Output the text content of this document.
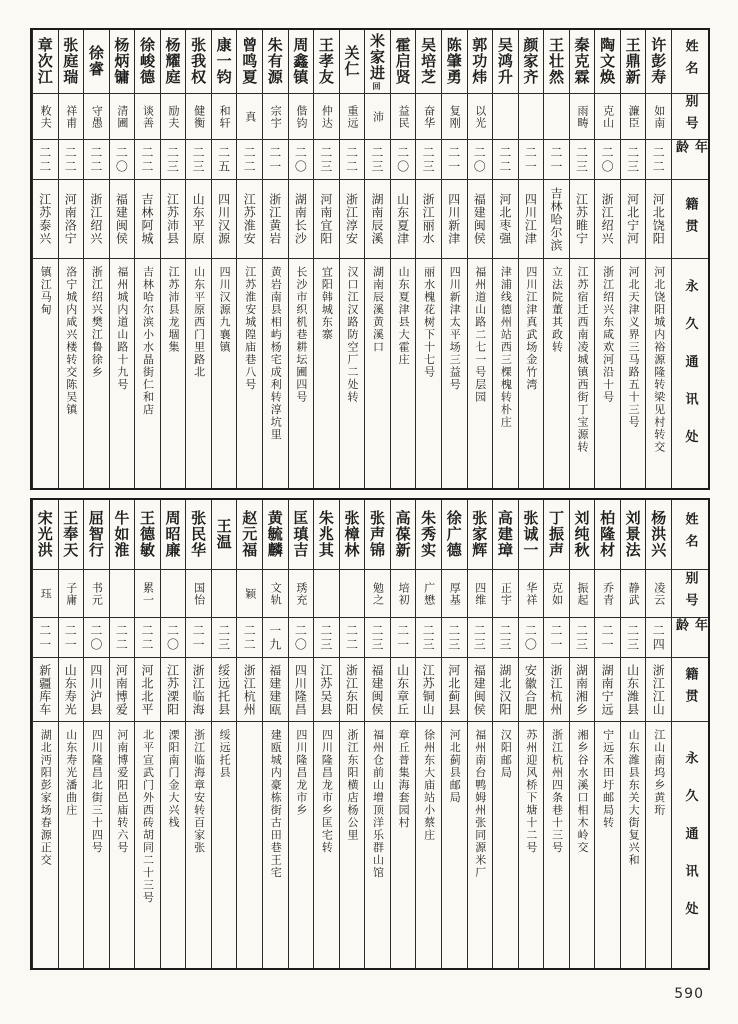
姓名
别号
年龄
籍贯
永久通讯处
许彭寿
如南
二二
河北饶阳
河北饶阳城内裕源隆转梁见村转交
王鼎新
濂臣
二三
河北宁河
河北天津义界三马路五十三号
陶文焕
克山
二〇
浙江绍兴
浙江绍兴东咸欢河沿十号
秦克霖
雨畴
二三
江苏睢宁
江苏宿迁西南凌城镇西街丁宝源转
王壮然
二一
吉林哈尔滨
立法院董其政转
颜家齐
二一
四川江津
四川江津真武场金竹湾
吴鸿升
二二
河北枣强
津浦线德州站西三棵槐转朴庄
郭功炜
以光
二〇
福建闽侯
福州道山路二七一号层园
陈肇勇
复刚
二一
四川新津
四川新津太平场三益号
吴培芝
奋华
二三
浙江丽水
丽水槐花树下十七号
霍启贤
益民
二〇
山东夏津
山东夏津县大霍庄
米家进
回
沛
二三
湖南辰溪
湖南辰溪黄溪口
关仁
重远
二二
浙江淳安
汉口江汉路防空厂二处转
王孝友
仲达
二三
河南宜阳
宜阳韩城东寨
周鑫镇
偕钧
二〇
湖南长沙
长沙市织机巷耕坛圃四号
朱有源
宗宇
二一
浙江黄岩
黄岩南县相屿杨宅成利转淳坑里
曾鸣夏
真
二二
江苏淮安
江苏淮安城隍庙巷八号
康一钧
和轩
二五
四川汉源
四川汉源九襄镇
张我权
健衡
二三
山东平原
山东平原西门里路北
杨耀庭
励夫
二三
江苏沛县
江苏沛县龙堌集
徐峻德
谈善
二二
吉林阿城
吉林哈尔滨小水晶街仁和店
杨炳镛
清圃
二〇
福建闽侯
福州城内道山路十九号
徐睿
守愚
二二
浙江绍兴
浙江绍兴樊江鲁徐乡
张庭瑞
祥甫
二二
河南洛宁
洛宁城内咸兴楼转交陈吴镇
章次江
敉夫
二二
江苏泰兴
镇江马甸
姓名
别号
年龄
籍贯
永久通讯处
杨洪兴
凌云
二四
浙江江山
江山南坞乡黄珩
刘景法
静武
二三
山东潍县
山东潍县东关大街复兴和
柏隆材
乔青
二一
湖南宁远
宁远禾田圩邮局转
刘纯秋
振起
二三
湖南湘乡
湘乡谷水溪口相木岭交
丁振声
克如
二一
浙江杭州
浙江杭州四条巷十三号
张诚一
华祥
二〇
安徽合肥
苏州迎风桥下塘十二号
高建璋
正宇
二三
湖北汉阳
汉阳邮局
张家辉
四维
二三
福建闽侯
福州南台鸭姆州张同源米厂
徐广德
厚基
二三
河北蓟县
河北蓟县邮局
朱秀实
广懋
二三
江苏铜山
徐州东大庙站小蔡庄
高葆新
培初
二一
山东章丘
章丘普集海套园村
张声锦
勉之
二三
福建闽侯
福州仓前山增顶洋乐群山馆
张樟林
二二
浙江东阳
浙江东阳横店杨公里
朱兆其
二三
江苏吴县
四川隆昌龙市乡匡宅转
匡瑱吉
琇充
二〇
四川隆昌
四川隆昌龙市乡
黄毓麟
文轨
一九
福建建瓯
建瓯城内豪栋街古田巷王宅
赵元福
颖
二二
浙江杭州
王温
二三
绥远托县
绥远托县
张民华
国怡
二一
浙江临海
浙江临海章安转百家张
周昭廉
二〇
江苏溧阳
溧阳南门金大兴栈
王德敏
累一
二二
河北北平
北平宣武门外西砖胡同二十三号
牛如淮
二二
河南博爱
河南博爱阳邑庙转六号
屈智行
书元
二〇
四川泸县
四川隆昌北街三十四号
王奉天
子庸
二一
山东寿光
山东寿光潘曲庄
宋光洪
珏
二一
新疆库车
湖北沔阳彭家场春源正交
590
